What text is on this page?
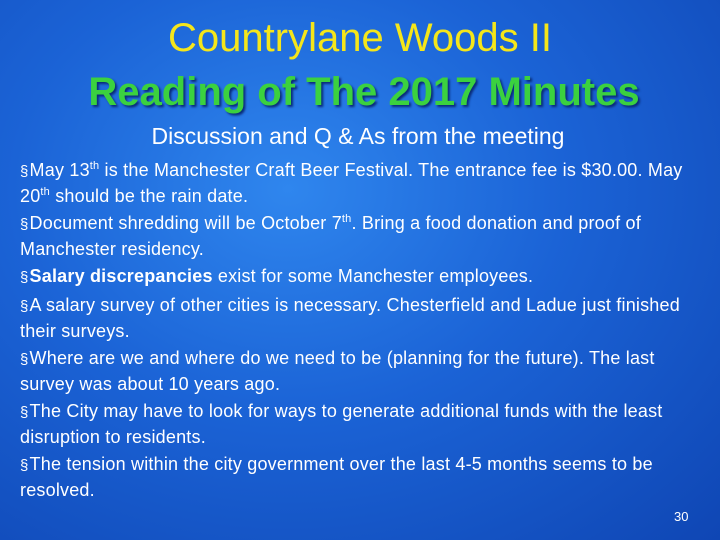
Countrylane Woods II
Reading of The 2017 Minutes
Discussion and Q & As from the meeting

§May 13th is the Manchester Craft Beer Festival. The entrance fee is $30.00. May 20th should be the rain date.

§Document shredding will be October 7th. Bring a food donation and proof of Manchester residency.

§Salary discrepancies exist for some Manchester employees.

§A salary survey of other cities is necessary. Chesterfield and Ladue just finished their surveys.

§Where are we and where do we need to be (planning for the future). The last survey was about 10 years ago.

§The City may have to look for ways to generate additional funds with the least disruption to residents.

§The tension within the city government over the last 4-5 months seems to be resolved.

30
